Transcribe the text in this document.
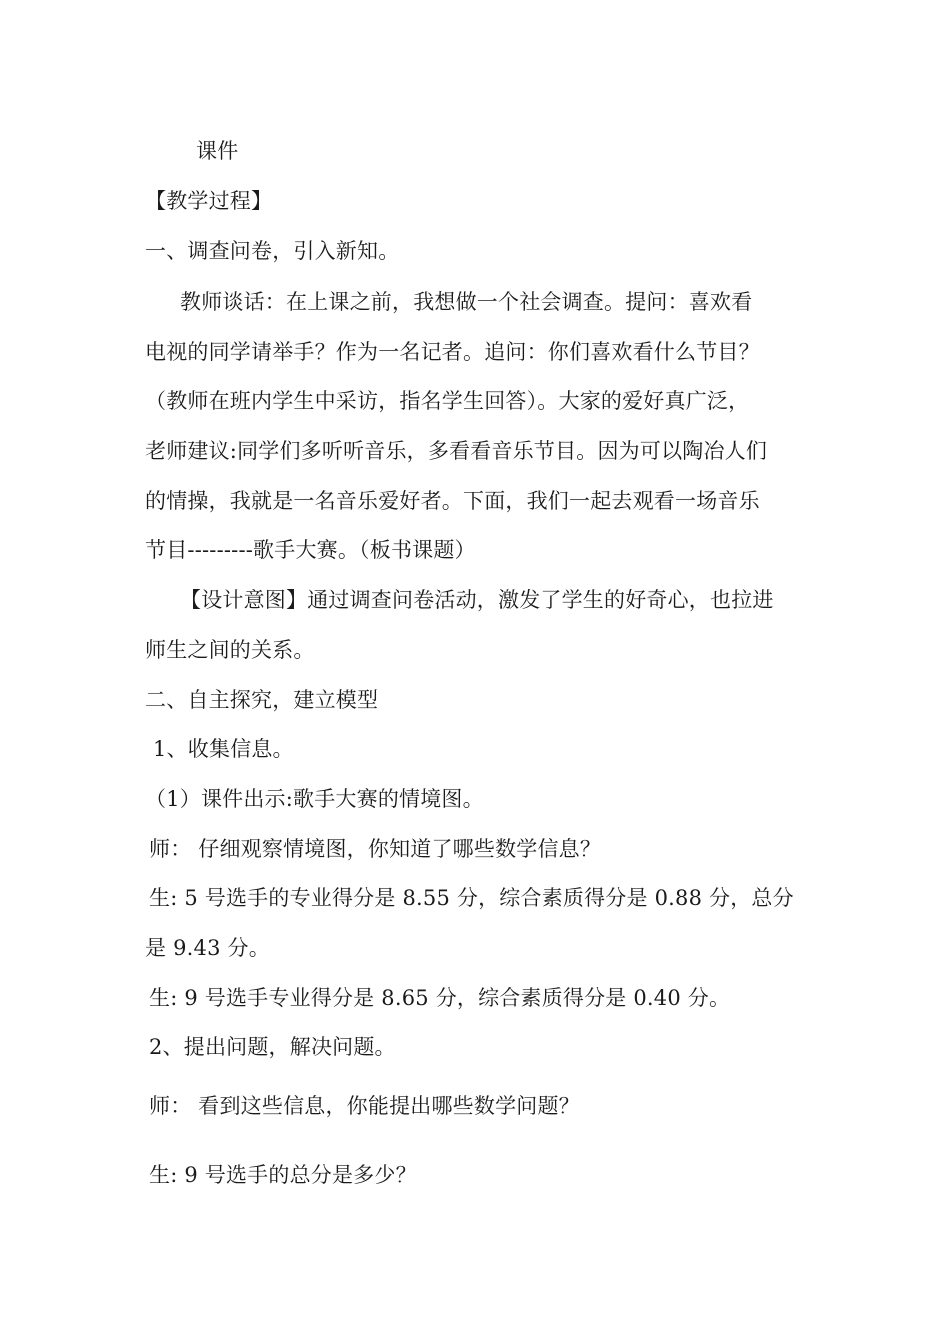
课件
【教学过程】
一、调查问卷，引入新知。
教师谈话：在上课之前，我想做一个社会调查。提问：喜欢看
电视的同学请举手？作为一名记者。追问：你们喜欢看什么节目？
（教师在班内学生中采访，指名学生回答）。大家的爱好真广泛，
老师建议:同学们多听听音乐，多看看音乐节目。因为可以陶冶人们
的情操，我就是一名音乐爱好者。下面，我们一起去观看一场音乐
节目---------歌手大赛。（板书课题）
【设计意图】通过调查问卷活动，激发了学生的好奇心，也拉进
师生之间的关系。
二、自主探究，建立模型
1、收集信息。
（1）课件出示:歌手大赛的情境图。
师： 仔细观察情境图，你知道了哪些数学信息？
生: 5 号选手的专业得分是 8.55 分，综合素质得分是 0.88 分，总分
是 9.43 分。
生: 9 号选手专业得分是 8.65 分，综合素质得分是 0.40 分。
2、提出问题，解决问题。
师： 看到这些信息，你能提出哪些数学问题？
生: 9 号选手的总分是多少？
